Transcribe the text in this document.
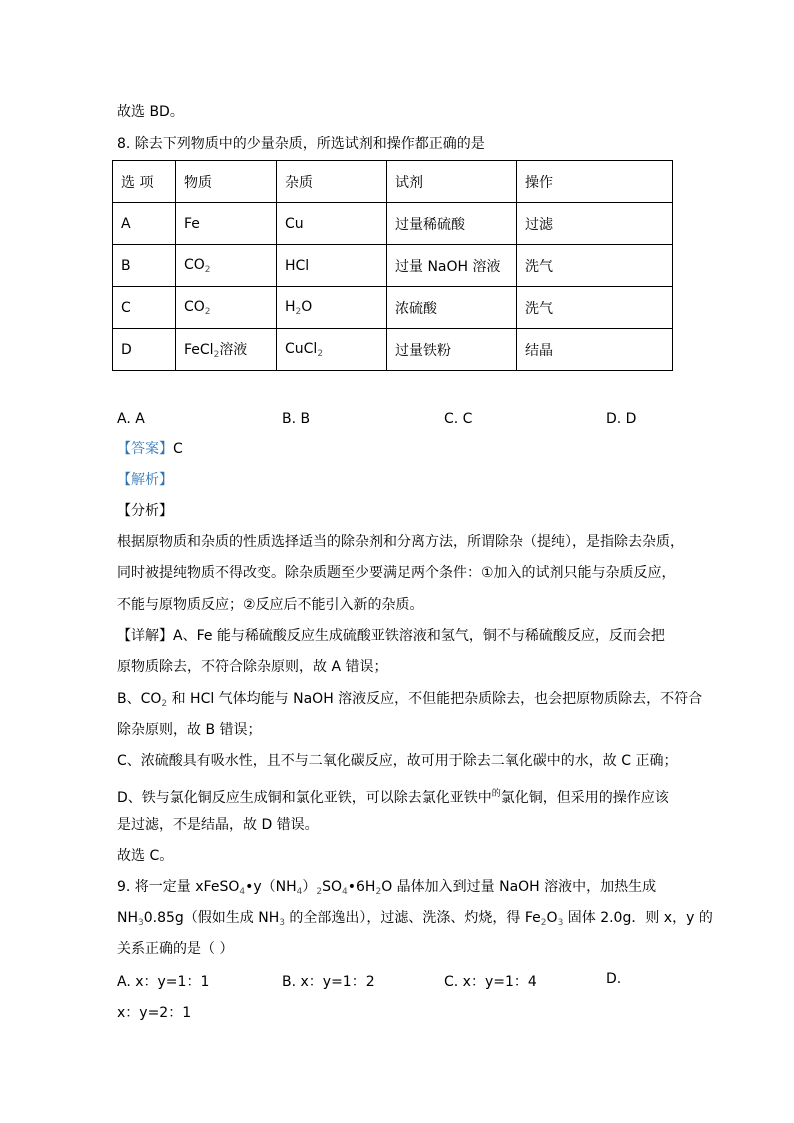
故选 BD。
8. 除去下列物质中的少量杂质，所选试剂和操作都正确的是
选 项	物质	杂质	试剂	操作
A	Fe	Cu	过量稀硫酸	过滤
B	$CO_2$	HCl	过量 NaOH 溶液	洗气
C	$CO_2$	$H_2O$	浓硫酸	洗气
D	FeCl$_2$溶液	CuCl$_2$	过量铁粉	结晶
A. A	B. B	C. C	D. D
【答案】C
【解析】
【分析】
根据原物质和杂质的性质选择适当的除杂剂和分离方法，所谓除杂（提纯），是指除去杂质，
同时被提纯物质不得改变。除杂质题至少要满足两个条件：①加入的试剂只能与杂质反应，
不能与原物质反应；②反应后不能引入新的杂质。
【详解】A、Fe 能与稀硫酸反应生成硫酸亚铁溶液和氢气，铜不与稀硫酸反应，反而会把
原物质除去，不符合除杂原则，故 A 错误；
B、$CO_2$ 和 HCl 气体均能与 NaOH 溶液反应，不但能把杂质除去，也会把原物质除去，不符合
除杂原则，故 B 错误；
C、浓硫酸具有吸水性，且不与二氧化碳反应，故可用于除去二氧化碳中的水，故 C 正确；
D、铁与氯化铜反应生成铜和氯化亚铁，可以除去氯化亚铁中$^的$氯化铜，但采用的操作应该
是过滤，不是结晶，故 D 错误。
故选 C。
9. 将一定量 $xFeSO_4•y(NH_4)_2SO_4•6H_2O$ 晶体加入到过量 NaOH 溶液中，加热生成
$NH_30.85g$（假如生成 $NH_3$ 的全部逸出），过滤、洗涤、灼烧，得 $Fe_2O_3$ 固体 2.0g．则 x，y 的
关系正确的是（ ）
A. x：y=1：1	B. x：y=1：2	C. x：y=1：4	D.
x：y=2：1
